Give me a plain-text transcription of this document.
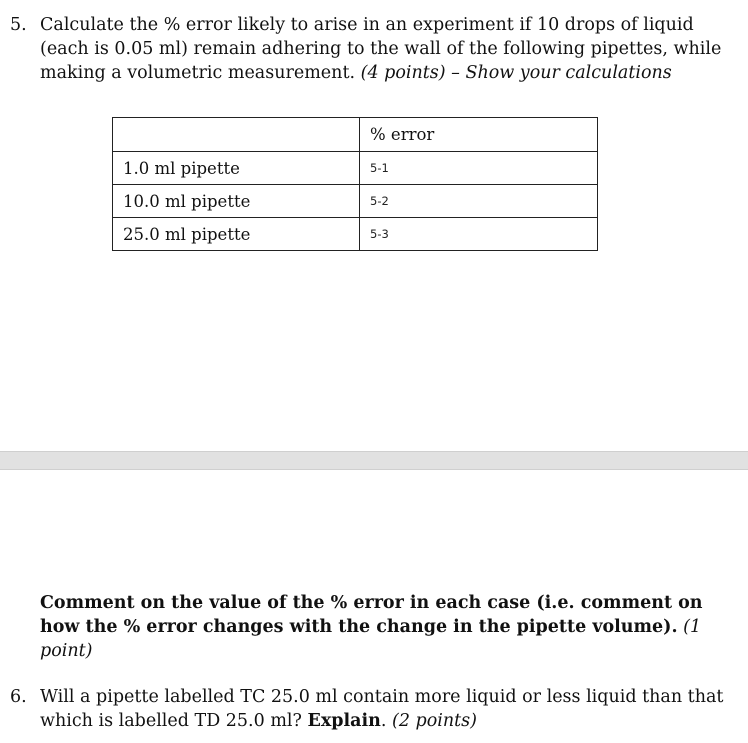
5. Calculate the % error likely to arise in an experiment if 10 drops of liquid (each is 0.05 ml) remain adhering to the wall of the following pipettes, while making a volumetric measurement. (4 points) – Show your calculations
	% error
1.0 ml pipette	5-1
10.0 ml pipette	5-2
25.0 ml pipette	5-3
Comment on the value of the % error in each case (i.e. comment on how the % error changes with the change in the pipette volume). (1 point)
6. Will a pipette labelled TC 25.0 ml contain more liquid or less liquid than that which is labelled TD 25.0 ml? Explain. (2 points)
